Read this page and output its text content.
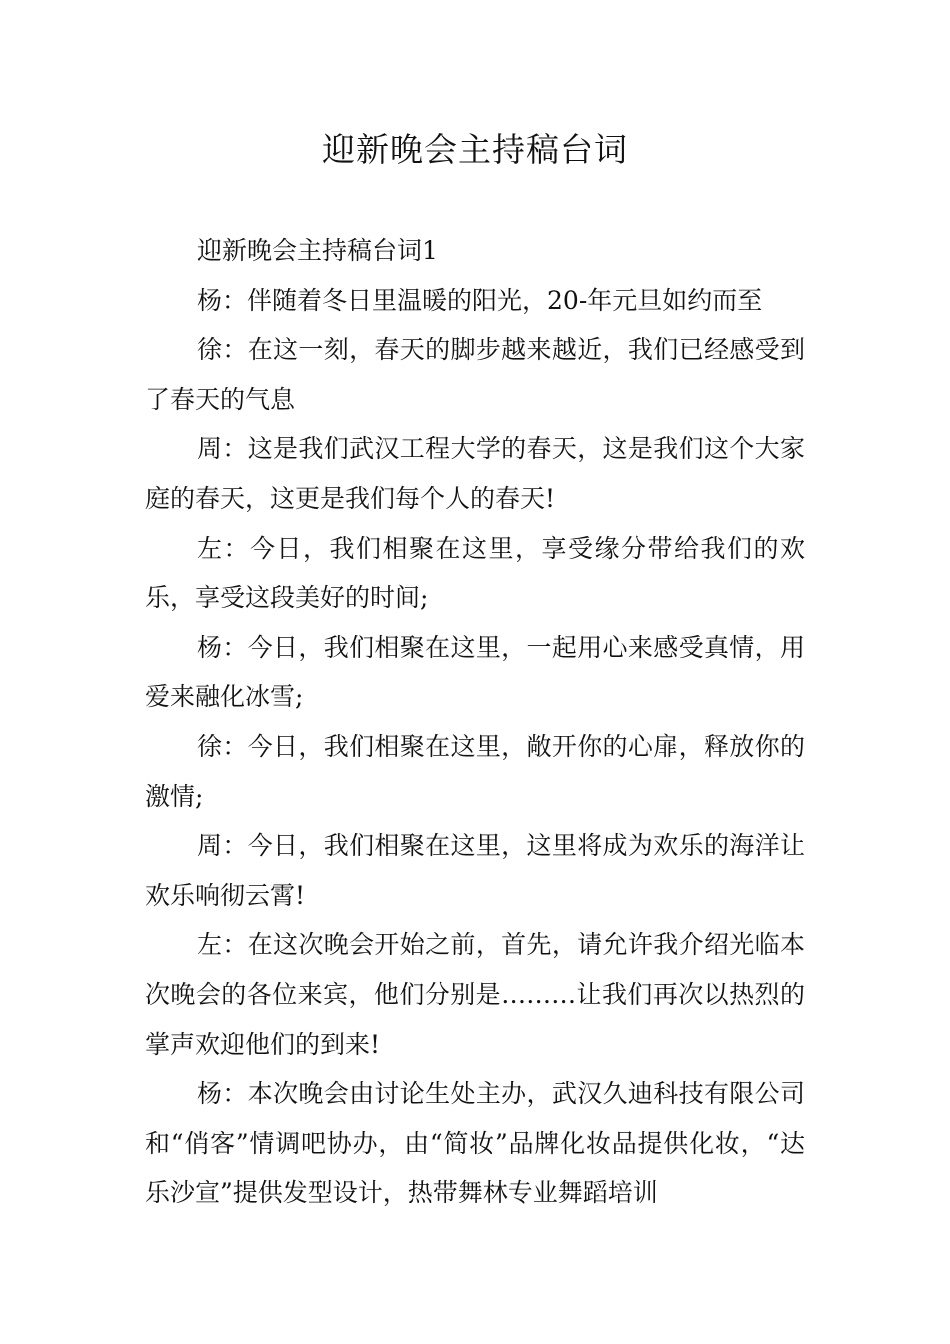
迎新晚会主持稿台词

迎新晚会主持稿台词1

杨：伴随着冬日里温暖的阳光，20-年元旦如约而至

徐：在这一刻，春天的脚步越来越近，我们已经感受到了春天的气息

周：这是我们武汉工程大学的春天，这是我们这个大家庭的春天，这更是我们每个人的春天!

左：今日，我们相聚在这里，享受缘分带给我们的欢乐，享受这段美好的时间;

杨：今日，我们相聚在这里，一起用心来感受真情，用爱来融化冰雪;

徐：今日，我们相聚在这里，敞开你的心扉，释放你的激情;

周：今日，我们相聚在这里，这里将成为欢乐的海洋让欢乐响彻云霄!

左：在这次晚会开始之前，首先，请允许我介绍光临本次晚会的各位来宾，他们分别是………让我们再次以热烈的掌声欢迎他们的到来!

杨：本次晚会由讨论生处主办，武汉久迪科技有限公司和“俏客”情调吧协办，由“简妆”品牌化妆品提供化妆，“达乐沙宣”提供发型设计，热带舞林专业舞蹈培训
